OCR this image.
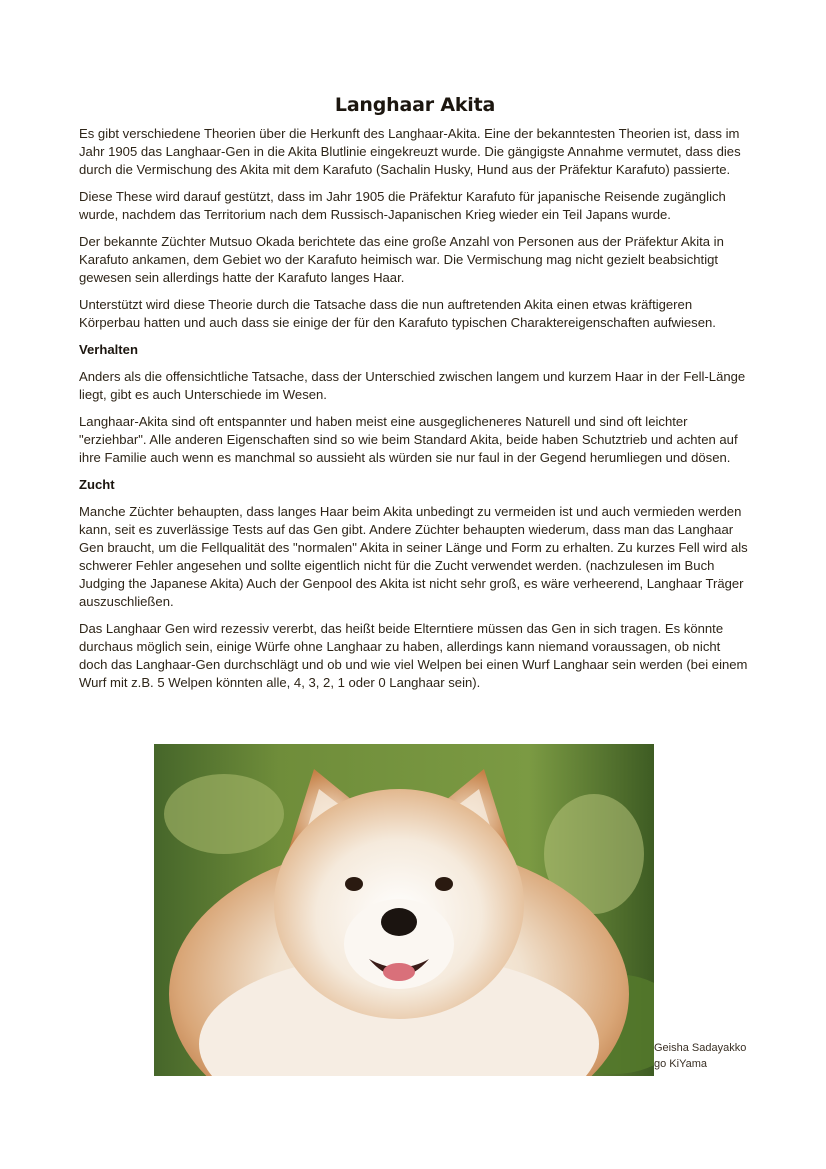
Langhaar Akita

Es gibt verschiedene Theorien über die Herkunft des Langhaar-Akita. Eine der bekanntesten Theorien ist, dass im Jahr 1905 das Langhaar-Gen in die Akita Blutlinie eingekreuzt wurde. Die gängigste Annahme vermutet, dass dies durch die Vermischung des Akita mit dem Karafuto (Sachalin Husky, Hund aus der Präfektur Karafuto) passierte.

Diese These wird darauf gestützt, dass im Jahr 1905 die Präfektur Karafuto für japanische Reisende zugänglich wurde, nachdem das Territorium nach dem Russisch-Japanischen Krieg wieder ein Teil Japans wurde.

Der bekannte Züchter Mutsuo Okada berichtete das eine große Anzahl von Personen aus der Präfektur Akita in Karafuto ankamen, dem Gebiet wo der Karafuto heimisch war. Die Vermischung mag nicht gezielt beabsichtigt gewesen sein allerdings hatte der Karafuto langes Haar.

Unterstützt wird diese Theorie durch die Tatsache dass die nun auftretenden Akita einen etwas kräftigeren Körperbau hatten und auch dass sie einige der für den Karafuto typischen Charaktereigenschaften aufwiesen.

Verhalten

Anders als die offensichtliche Tatsache, dass der Unterschied zwischen langem und kurzem Haar in der Fell-Länge liegt, gibt es auch Unterschiede im Wesen.

Langhaar-Akita sind oft entspannter und haben meist eine ausgeglicheneres Naturell und sind oft leichter "erziehbar". Alle anderen Eigenschaften sind so wie beim Standard Akita, beide haben Schutztrieb und achten auf ihre Familie auch wenn es manchmal so aussieht als würden sie nur faul in der Gegend herumliegen und dösen.

Zucht

Manche Züchter behaupten, dass langes Haar beim Akita unbedingt zu vermeiden ist und auch vermieden werden kann, seit es zuverlässige Tests auf das Gen gibt. Andere Züchter behaupten wiederum, dass man das Langhaar Gen braucht, um die Fellqualität des "normalen" Akita in seiner Länge und Form zu erhalten. Zu kurzes Fell wird als schwerer Fehler angesehen und sollte eigentlich nicht für die Zucht verwendet werden. (nachzulesen im Buch Judging the Japanese Akita) Auch der Genpool des Akita ist nicht sehr groß, es wäre verheerend, Langhaar Träger auszuschließen.

Das Langhaar Gen wird rezessiv vererbt, das heißt beide Elterntiere müssen das Gen in sich tragen. Es könnte durchaus möglich sein, einige Würfe ohne Langhaar zu haben, allerdings kann niemand voraussagen, ob nicht doch das Langhaar-Gen durchschlägt und ob und wie viel Welpen bei einen Wurf Langhaar sein werden (bei einem Wurf mit z.B. 5 Welpen könnten alle, 4, 3, 2, 1 oder 0 Langhaar sein).

Geisha Sadayakko
go KiYama
